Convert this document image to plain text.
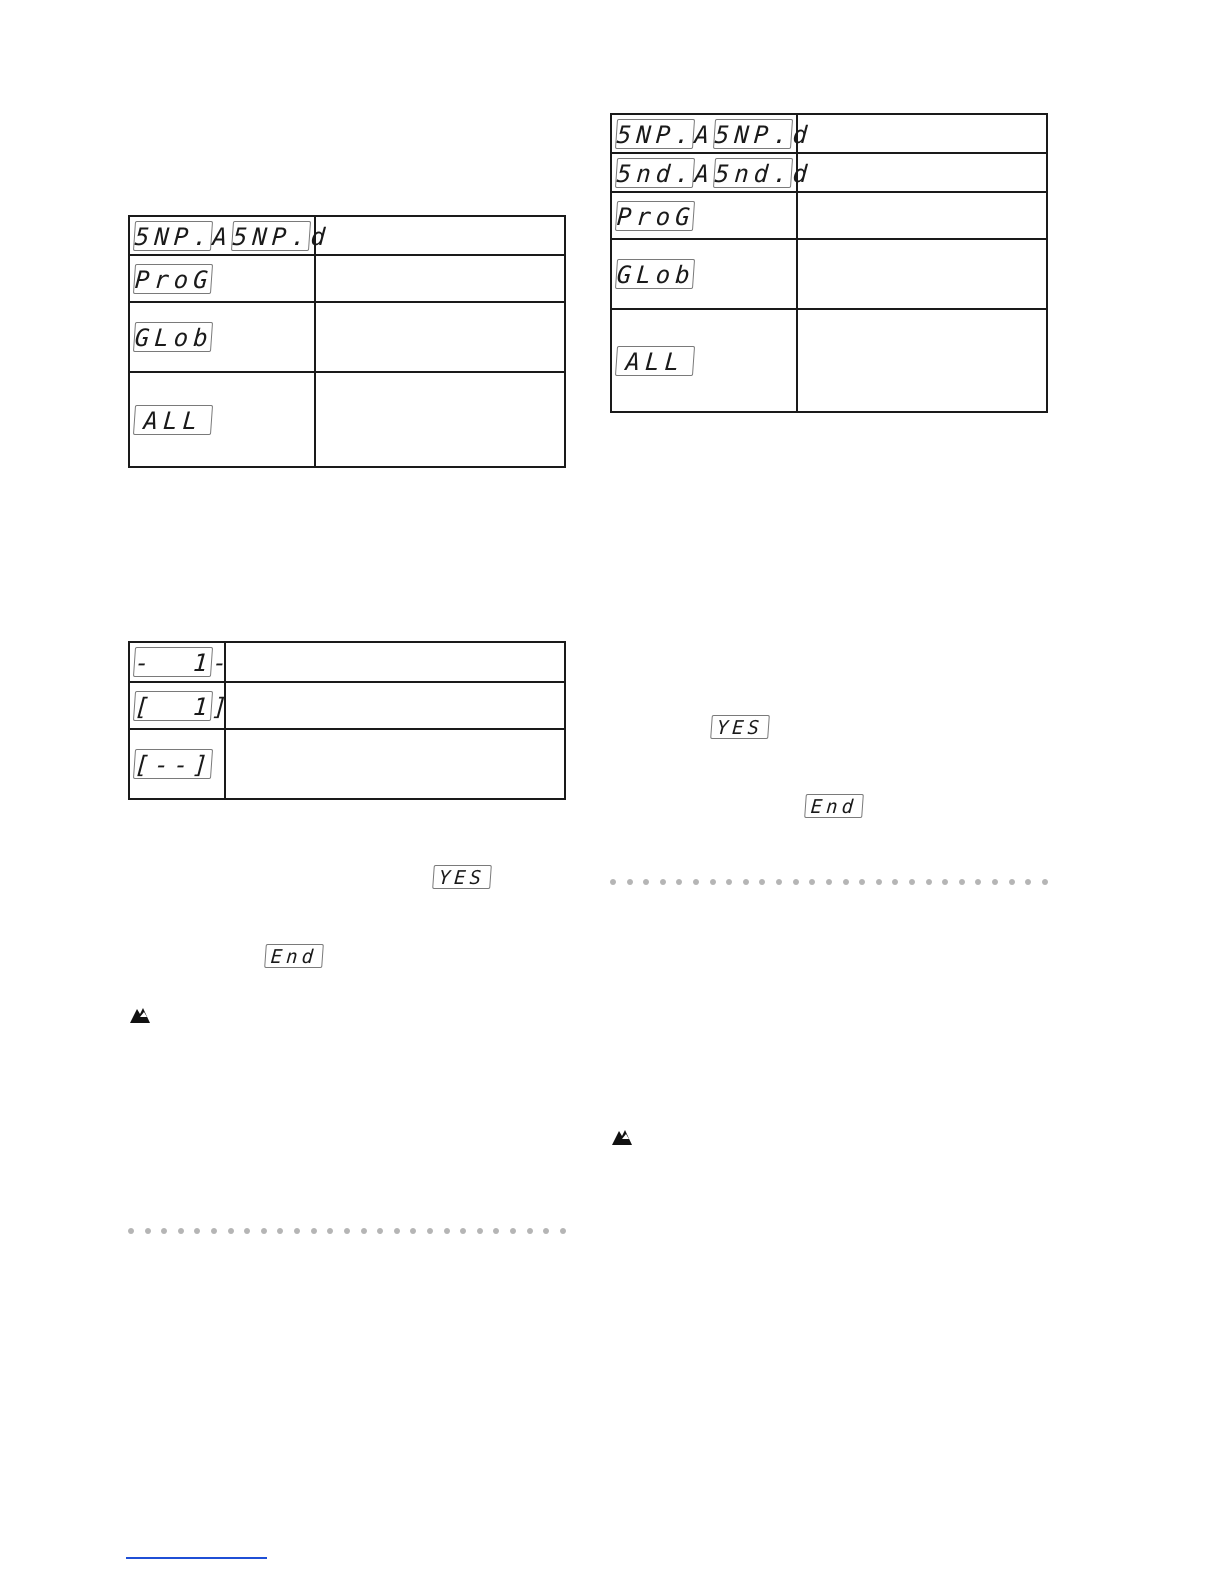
5NP.A5NP.d	
ProG	
GLob	
ALL	
-  1-	
[  1]	
[--]	
YES
End
5NP.A5NP.d	
5nd.A5nd.d	
ProG	
GLob	
ALL	
YES
End
